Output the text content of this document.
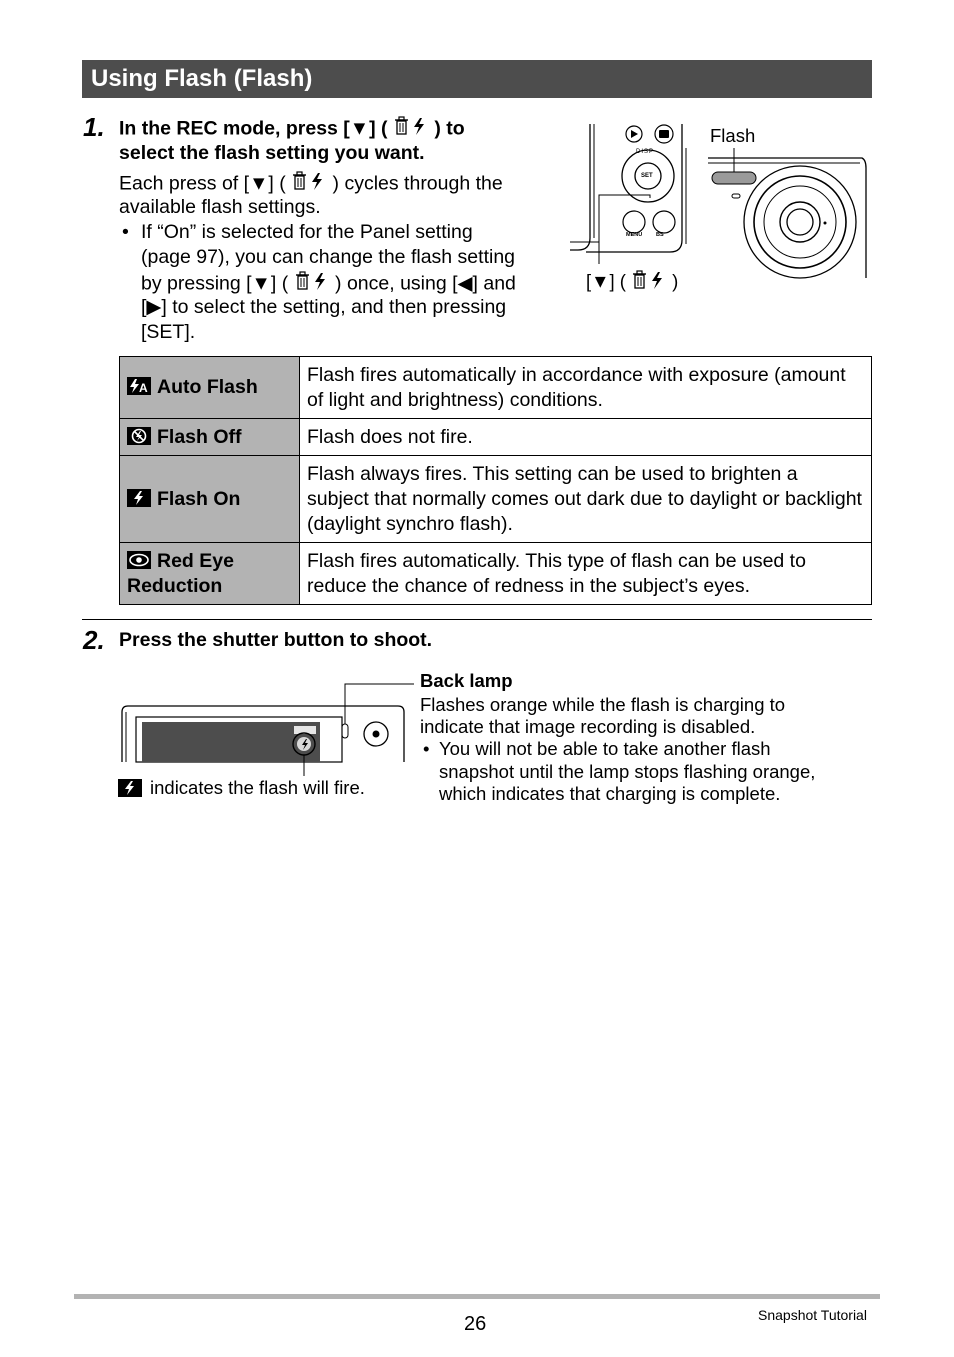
Using Flash (Flash)
1. In the REC mode, press [▼] ( ) to
select the flash setting you want.
Each press of [▼] ( ) cycles through the
available flash settings.
• If “On” is selected for the Panel setting
(page 97), you can change the flash setting
by pressing [▼] ( ) once, using [◀] and
[▶] to select the setting, and then pressing
[SET].
DISP
SET
MENU	BS
Flash
[▼] (	)
A Auto Flash	Flash fires automatically in accordance with exposure (amount of light and brightness) conditions.
Flash Off	Flash does not fire.
Flash On	Flash always fires. This setting can be used to brighten a subject that normally comes out dark due to daylight or backlight (daylight synchro flash).
Red Eye Reduction	Flash fires automatically. This type of flash can be used to reduce the chance of redness in the subject’s eyes.
2. Press the shutter button to shoot.
indicates the flash will fire.
Back lamp
Flashes orange while the flash is charging to
indicate that image recording is disabled.
• You will not be able to take another flash
snapshot until the lamp stops flashing orange,
which indicates that charging is complete.
26	Snapshot Tutorial
